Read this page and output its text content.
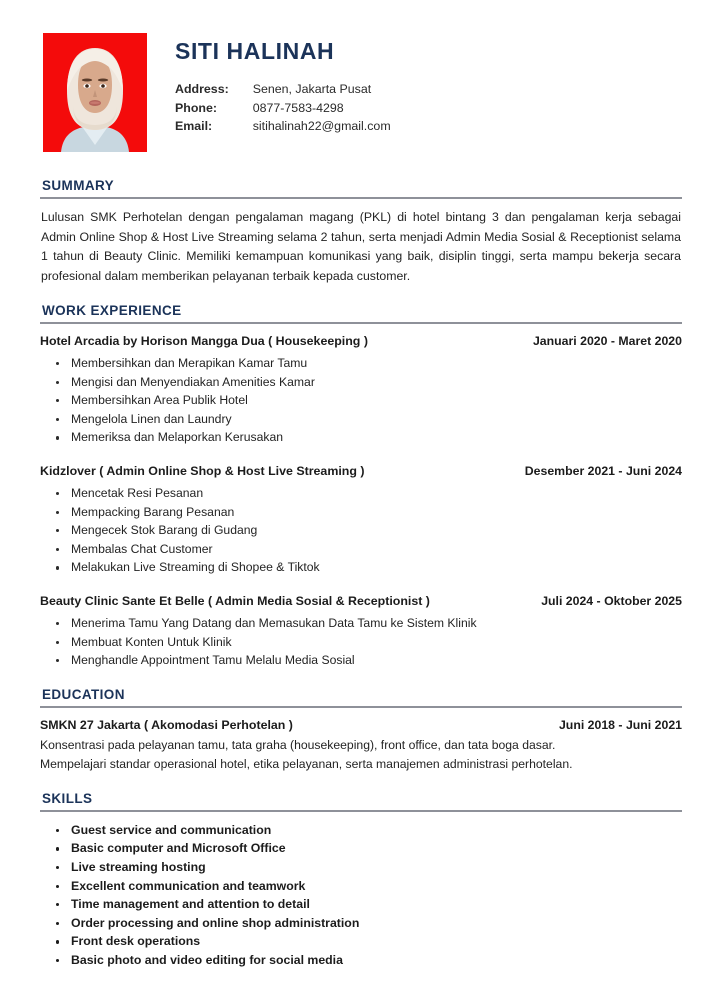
SITI HALINAH
Address:	Senen, Jakarta Pusat
Phone:	0877-7583-4298
Email:	sitihalinah22@gmail.com
SUMMARY

Lulusan SMK Perhotelan dengan pengalaman magang (PKL) di hotel bintang 3 dan pengalaman kerja sebagai Admin Online Shop & Host Live Streaming selama 2 tahun, serta menjadi Admin Media Sosial & Receptionist selama 1 tahun di Beauty Clinic. Memiliki kemampuan komunikasi yang baik, disiplin tinggi, serta mampu bekerja secara profesional dalam memberikan pelayanan terbaik kepada customer.

WORK EXPERIENCE
Hotel Arcadia by Horison Mangga Dua ( Housekeeping )	Januari 2020 - Maret 2020
Membersihkan dan Merapikan Kamar Tamu
Mengisi dan Menyendiakan Amenities Kamar
Membersihkan Area Publik Hotel
Mengelola Linen dan Laundry
Memeriksa dan Melaporkan Kerusakan
Kidzlover ( Admin Online Shop & Host Live Streaming )	Desember 2021 - Juni 2024
Mencetak Resi Pesanan
Mempacking Barang Pesanan
Mengecek Stok Barang di Gudang
Membalas Chat Customer
Melakukan Live Streaming di Shopee & Tiktok
Beauty Clinic Sante Et Belle ( Admin Media Sosial & Receptionist )	Juli 2024 - Oktober 2025
Menerima Tamu Yang Datang dan Memasukan Data Tamu ke Sistem Klinik
Membuat Konten Untuk Klinik
Menghandle Appointment Tamu Melalu Media Sosial
EDUCATION
SMKN 27 Jakarta ( Akomodasi Perhotelan )	Juni 2018 - Juni 2021
Konsentrasi pada pelayanan tamu, tata graha (housekeeping), front office, dan tata boga dasar.
Mempelajari standar operasional hotel, etika pelayanan, serta manajemen administrasi perhotelan.
SKILLS
Guest service and communication
Basic computer and Microsoft Office
Live streaming hosting
Excellent communication and teamwork
Time management and attention to detail
Order processing and online shop administration
Front desk operations
Basic photo and video editing for social media
